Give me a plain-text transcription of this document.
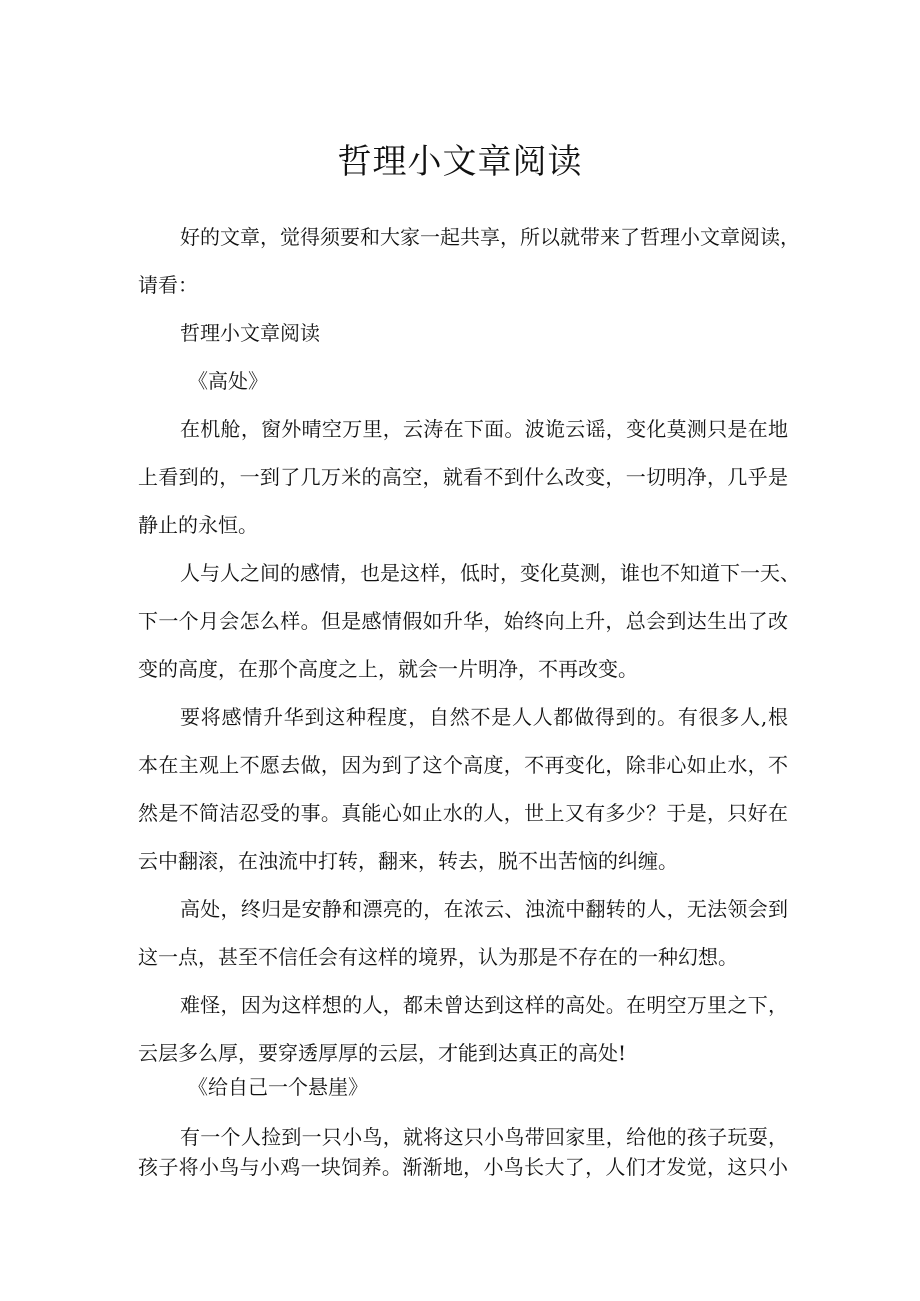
哲理小文章阅读
好的文章，觉得须要和大家一起共享，所以就带来了哲理小文章阅读，
请看：
哲理小文章阅读
《高处》
在机舱，窗外晴空万里，云涛在下面。波诡云谣，变化莫测只是在地
上看到的，一到了几万米的高空，就看不到什么改变，一切明净，几乎是
静止的永恒。
人与人之间的感情，也是这样，低时，变化莫测，谁也不知道下一天、
下一个月会怎么样。但是感情假如升华，始终向上升，总会到达生出了改
变的高度，在那个高度之上，就会一片明净，不再改变。
要将感情升华到这种程度，自然不是人人都做得到的。有很多人,根
本在主观上不愿去做，因为到了这个高度，不再变化，除非心如止水，不
然是不简洁忍受的事。真能心如止水的人，世上又有多少？于是，只好在
云中翻滚，在浊流中打转，翻来，转去，脱不出苦恼的纠缠。
高处，终归是安静和漂亮的，在浓云、浊流中翻转的人，无法领会到
这一点，甚至不信任会有这样的境界，认为那是不存在的一种幻想。
难怪，因为这样想的人，都未曾达到这样的高处。在明空万里之下，
云层多么厚，要穿透厚厚的云层，才能到达真正的高处!
《给自己一个悬崖》
有一个人捡到一只小鸟，就将这只小鸟带回家里，给他的孩子玩耍，
孩子将小鸟与小鸡一块饲养。渐渐地，小鸟长大了，人们才发觉，这只小
